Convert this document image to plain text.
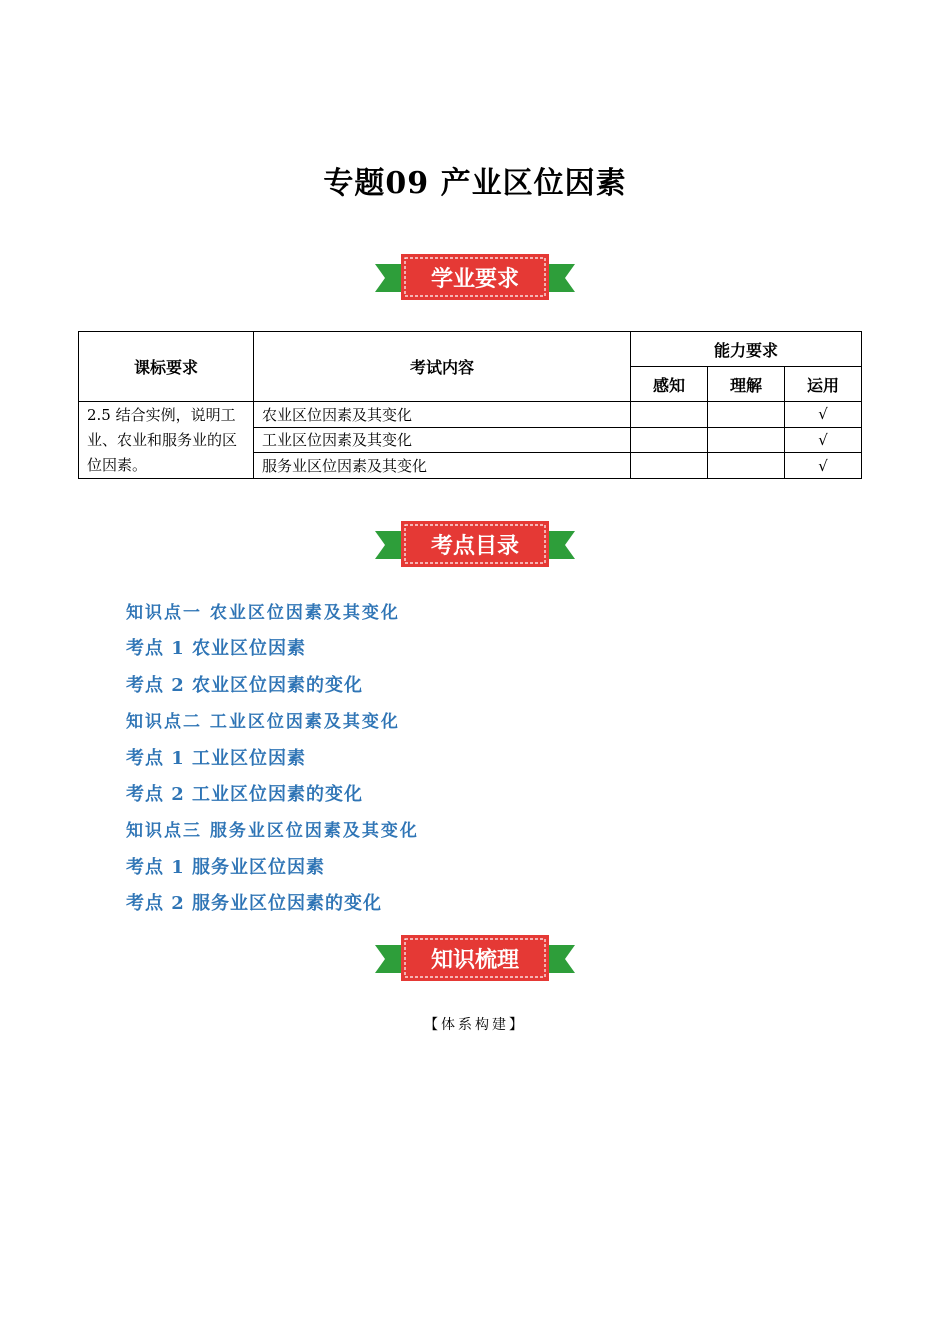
专题09 产业区位因素
学业要求
课标要求	考试内容	能力要求		
		感知	理解	运用
2.5 结合实例，说明工业、农业和服务业的区位因素。	农业区位因素及其变化			√
	工业区位因素及其变化			√
	服务业区位因素及其变化			√
考点目录
知识点一 农业区位因素及其变化
考点 1 农业区位因素
考点 2 农业区位因素的变化
知识点二 工业区位因素及其变化
考点 1 工业区位因素
考点 2 工业区位因素的变化
知识点三 服务业区位因素及其变化
考点 1 服务业区位因素
考点 2 服务业区位因素的变化
知识梳理
【体系构建】
